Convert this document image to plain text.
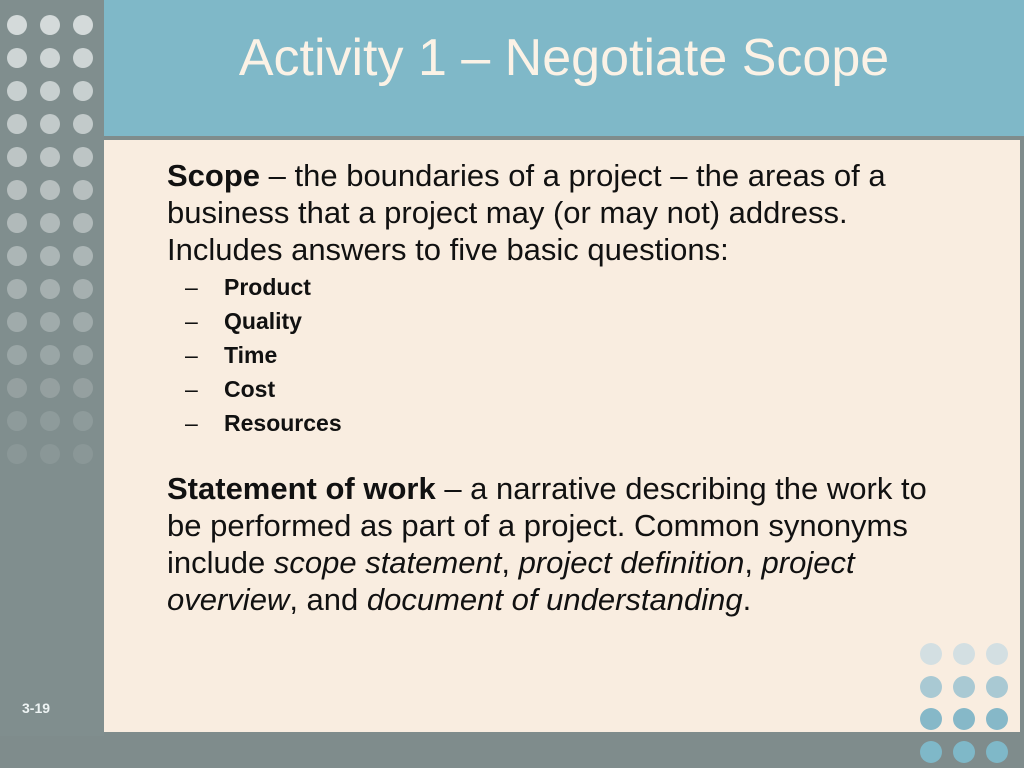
Activity 1 – Negotiate Scope

Scope – the boundaries of a project – the areas of a business that a project may (or may not) address. Includes answers to five basic questions:

– Product
– Quality
– Time
– Cost
– Resources

Statement of work – a narrative describing the work to be performed as part of a project. Common synonyms include scope statement, project definition, project overview, and document of understanding.

3-19
